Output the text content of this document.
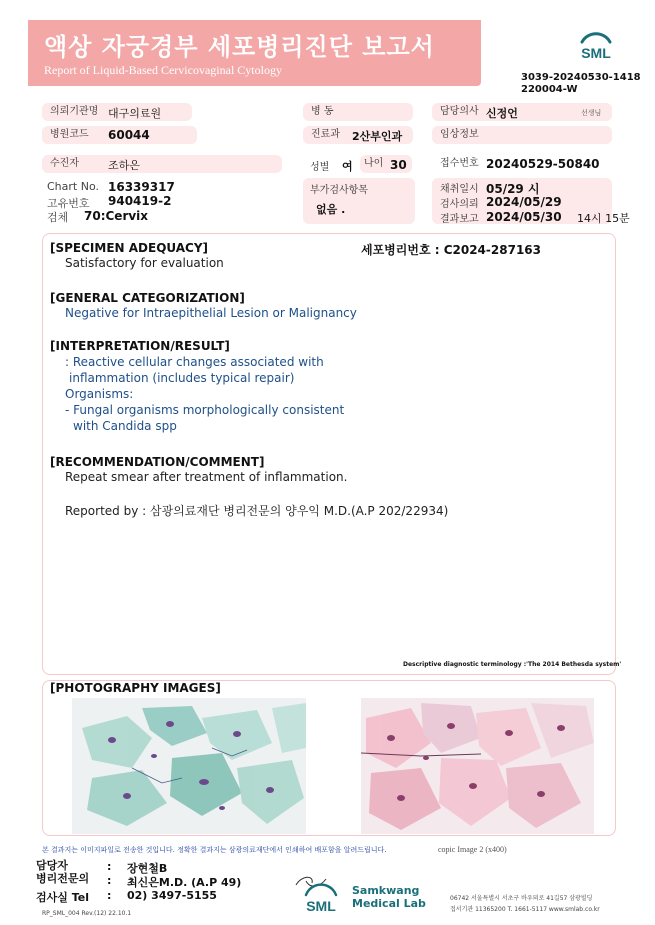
액상 자궁경부 세포병리진단 보고서
Report of Liquid-Based Cervicovaginal Cytology
SML
3039-20240530-1418
220004-W
의뢰기관명 대구의료원	병 동	담당의사 신정언	선생님
병원코드	60044	진료과	2산부인과	임상정보
수진자	조하은	성별 여	나이 30	접수번호 20240529-50840
Chart No. 16339317
고유번호 940419-2
검체 70:Cervix
부가검사항목
없음 .
채취일시 05/29 시
검사의뢰 2024/05/29
결과보고 2024/05/30 14시 15분
[SPECIMEN ADEQUACY]	세포병리번호 : C2024-287163
Satisfactory for evaluation
[GENERAL CATEGORIZATION]
Negative for Intraepithelial Lesion or Malignancy
[INTERPRETATION/RESULT]
: Reactive cellular changes associated with
inflammation (includes typical repair)
Organisms:
- Fungal organisms morphologically consistent
with Candida spp
[RECOMMENDATION/COMMENT]
Repeat smear after treatment of inflammation.
Reported by : 삼광의료재단 병리전문의 양우익 M.D.(A.P 202/22934)
Descriptive diagnostic terminology :'The 2014 Bethesda system'
[PHOTOGRAPHY IMAGES]
본 결과지는 이미지파일로 전송한 것입니다. 정확한 결과지는 삼광의료재단에서 인쇄하여 배포함을 알려드립니다.	copic Image 2 (x400)
담당자	: 장현철B
병리전문의 : 최신은M.D. (A.P 49)
검사실 Tel : 02) 3497-5155
RP_SML_004 Rev.(12) 22.10.1	SML
Samkwang
Medical Lab	06742 서울특별시 서초구 바우뫼로 41길57 삼광빌딩
접서기관 11365200 T. 1661-5117 www.smlab.co.kr
